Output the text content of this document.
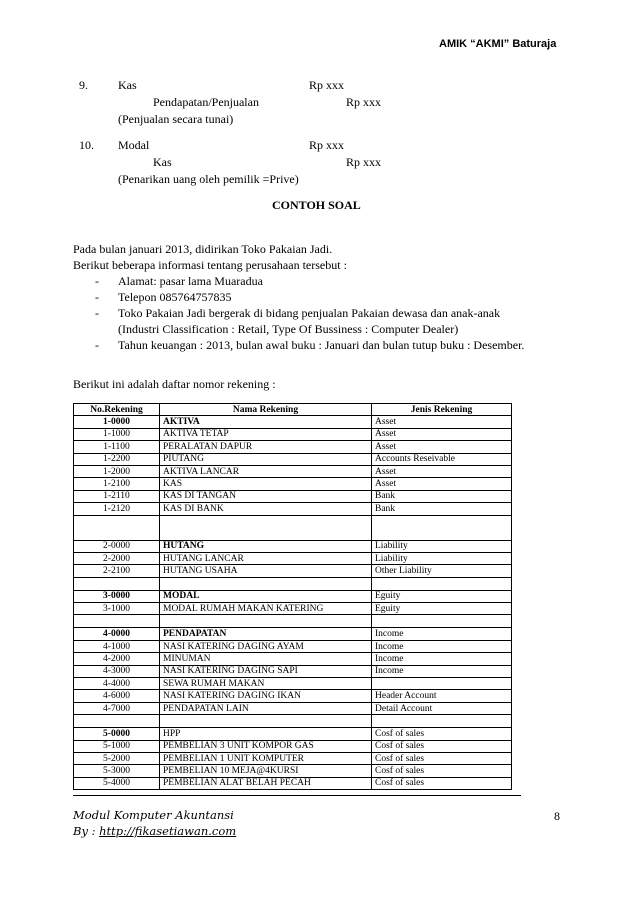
AMIK “AKMI” Baturaja
9.	Kas	Rp xxx
Pendapatan/Penjualan	Rp xxx
(Penjualan secara tunai)
10. Modal	Rp xxx
Kas	Rp xxx
(Penarikan uang oleh pemilik =Prive)
CONTOH SOAL
Pada bulan januari 2013, didirikan Toko Pakaian Jadi.
Berikut beberapa informasi tentang perusahaan tersebut :
- Alamat: pasar lama Muaradua
- Telepon 085764757835
- Toko Pakaian Jadi bergerak di bidang penjualan Pakaian dewasa dan anak-anak
(Industri Classification : Retail, Type Of Bussiness : Computer Dealer)
- Tahun keuangan : 2013, bulan awal buku : Januari dan bulan tutup buku : Desember.
Berikut ini adalah daftar nomor rekening :
No.Rekening	Nama Rekening	Jenis Rekening
1-0000	AKTIVA	Asset
1-1000	AKTIVA TETAP	Asset
1-1100	PERALATAN DAPUR	Asset
1-2200	PIUTANG	Accounts Reseivable
1-2000	AKTIVA LANCAR	Asset
1-2100	KAS	Asset
1-2110	KAS DI TANGAN	Bank
1-2120	KAS DI BANK	Bank

2-0000	HUTANG	Liability
2-2000	HUTANG LANCAR	Liability
2-2100	HUTANG USAHA	Other Liability

3-0000	MODAL	Eguity
3-1000	MODAL RUMAH MAKAN KATERING	Eguity

4-0000	PENDAPATAN	Income
4-1000	NASI KATERING DAGING AYAM	Income
4-2000	MINUMAN	Income
4-3000	NASI KATERING DAGING SAPI	Income
4-4000	SEWA RUMAH MAKAN	
4-6000	NASI KATERING DAGING IKAN	Header Account
4-7000	PENDAPATAN LAIN	Detail Account

5-0000	HPP	Cosf of sales
5-1000	PEMBELIAN 3 UNIT KOMPOR GAS	Cosf of sales
5-2000	PEMBELIAN 1 UNIT KOMPUTER	Cosf of sales
5-3000	PEMBELIAN 10 MEJA@4KURSI	Cosf of sales
5-4000	PEMBELIAN ALAT BELAH PECAH	Cosf of sales
Modul Komputer Akuntansi
By : http://fikasetiawan.com
8
